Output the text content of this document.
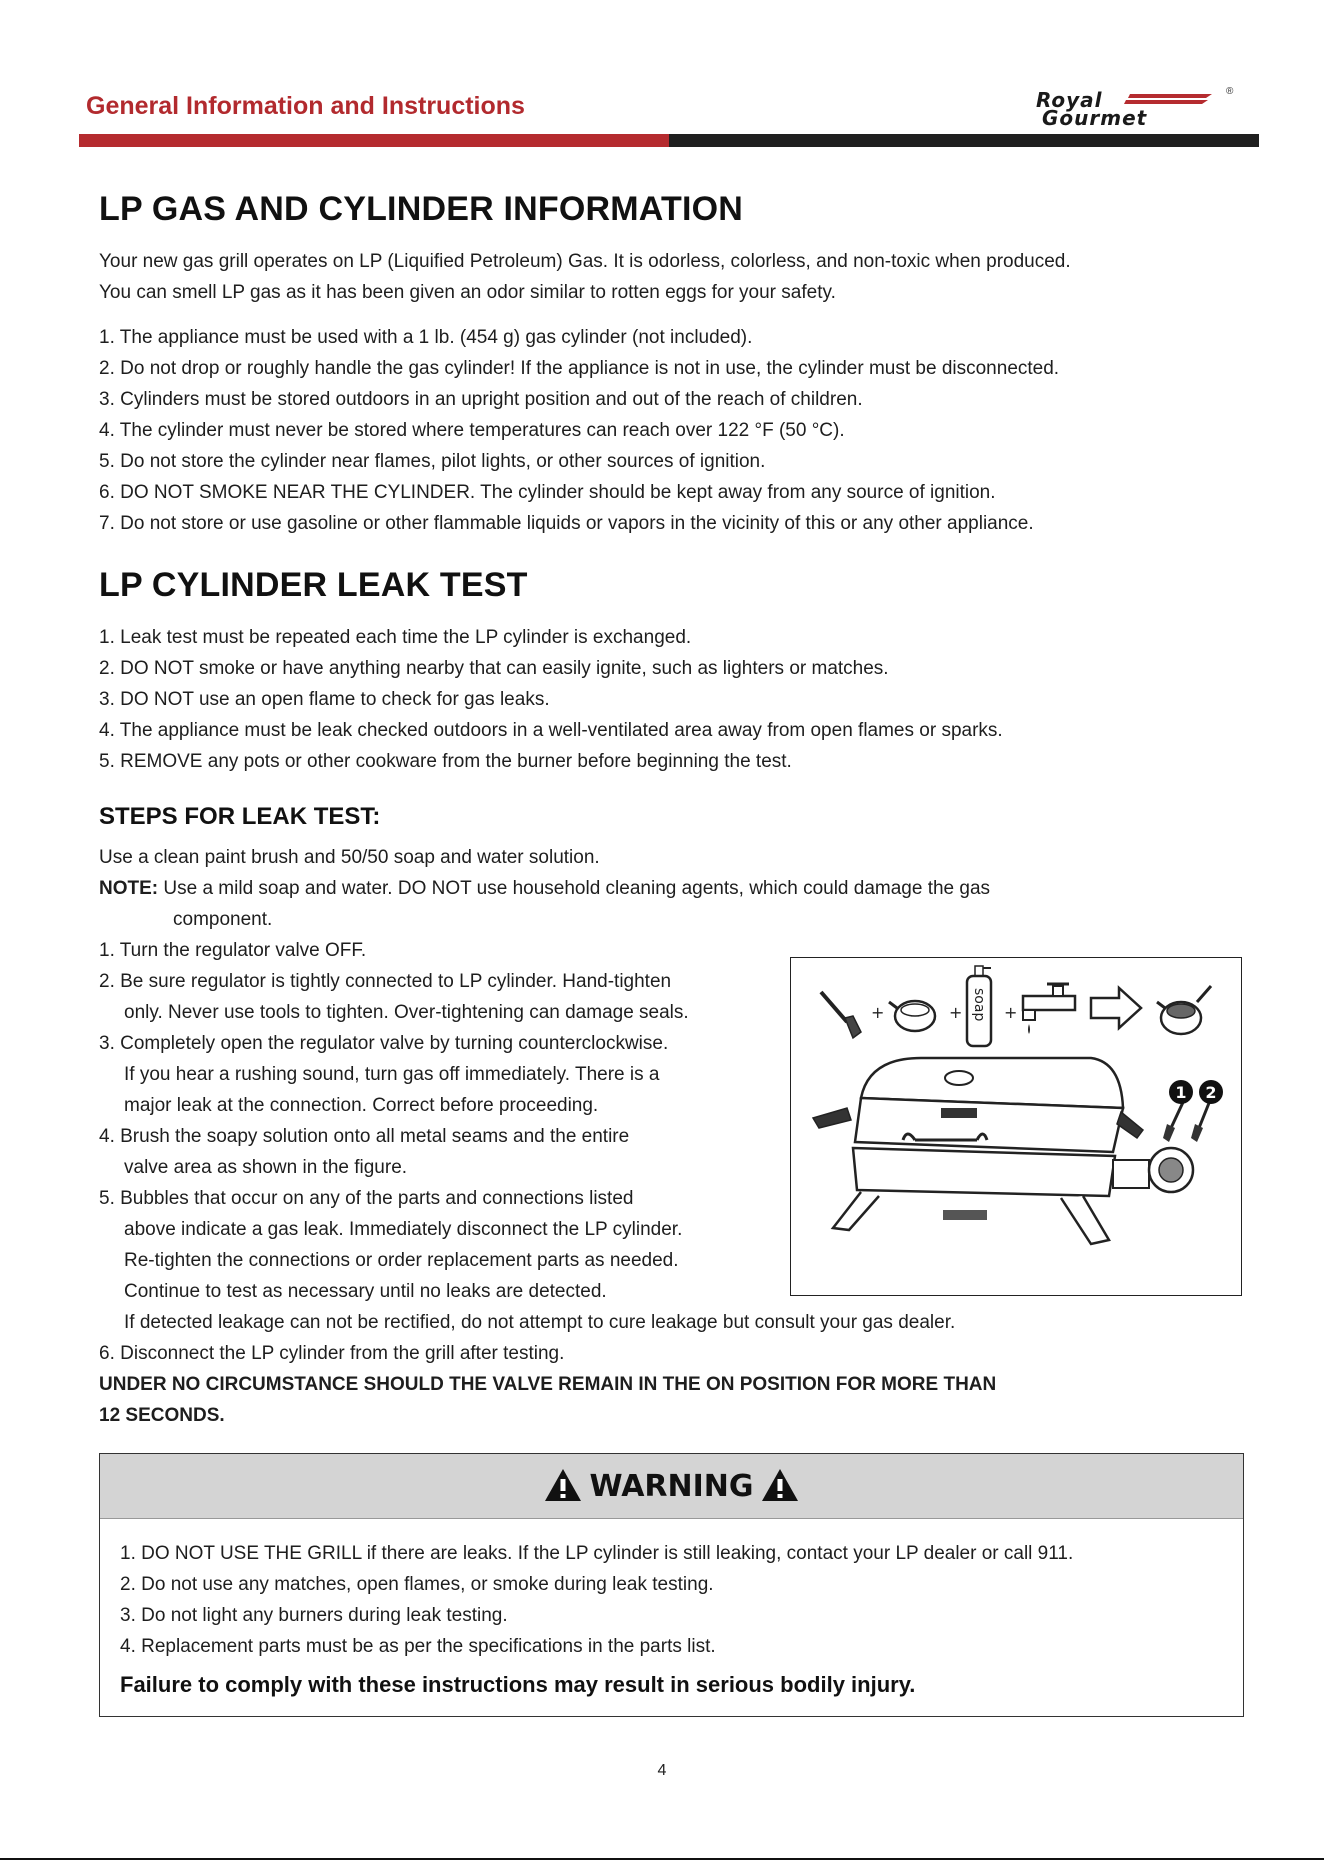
General Information and Instructions	Royal
Gourmet
®
LP GAS AND CYLINDER INFORMATION
Your new gas grill operates on LP (Liquified Petroleum) Gas. It is odorless, colorless, and non-toxic when produced.
You can smell LP gas as it has been given an odor similar to rotten eggs for your safety.
1. The appliance must be used with a 1 lb. (454 g) gas cylinder (not included).
2. Do not drop or roughly handle the gas cylinder! If the appliance is not in use, the cylinder must be disconnected.
3. Cylinders must be stored outdoors in an upright position and out of the reach of children.
4. The cylinder must never be stored where temperatures can reach over 122 °F (50 °C).
5. Do not store the cylinder near flames, pilot lights, or other sources of ignition.
6. DO NOT SMOKE NEAR THE CYLINDER. The cylinder should be kept away from any source of ignition.
7. Do not store or use gasoline or other flammable liquids or vapors in the vicinity of this or any other appliance.
LP CYLINDER LEAK TEST
1. Leak test must be repeated each time the LP cylinder is exchanged.
2. DO NOT smoke or have anything nearby that can easily ignite, such as lighters or matches.
3. DO NOT use an open flame to check for gas leaks.
4. The appliance must be leak checked outdoors in a well-ventilated area away from open flames or sparks.
5. REMOVE any pots or other cookware from the burner before beginning the test.
STEPS FOR LEAK TEST:
Use a clean paint brush and 50/50 soap and water solution.
NOTE: Use a mild soap and water. DO NOT use household cleaning agents, which could damage the gas
component.
1. Turn the regulator valve OFF.
2. Be sure regulator is tightly connected to LP cylinder. Hand-tighten
only. Never use tools to tighten. Over-tightening can damage seals.
3. Completely open the regulator valve by turning counterclockwise.
If you hear a rushing sound, turn gas off immediately. There is a
major leak at the connection. Correct before proceeding.
4. Brush the soapy solution onto all metal seams and the entire
valve area as shown in the figure.
5. Bubbles that occur on any of the parts and connections listed
above indicate a gas leak. Immediately disconnect the LP cylinder.
Re-tighten the connections or order replacement parts as needed.
Continue to test as necessary until no leaks are detected.
If detected leakage can not be rectified, do not attempt to cure leakage but consult your gas dealer.
6. Disconnect the LP cylinder from the grill after testing.
UNDER NO CIRCUMSTANCE SHOULD THE VALVE REMAIN IN THE ON POSITION FOR MORE THAN
12 SECONDS.
+	+ soap +
1 2
WARNING
1. DO NOT USE THE GRILL if there are leaks. If the LP cylinder is still leaking, contact your LP dealer or call 911.
2. Do not use any matches, open flames, or smoke during leak testing.
3. Do not light any burners during leak testing.
4. Replacement parts must be as per the specifications in the parts list.
Failure to comply with these instructions may result in serious bodily injury.
4
